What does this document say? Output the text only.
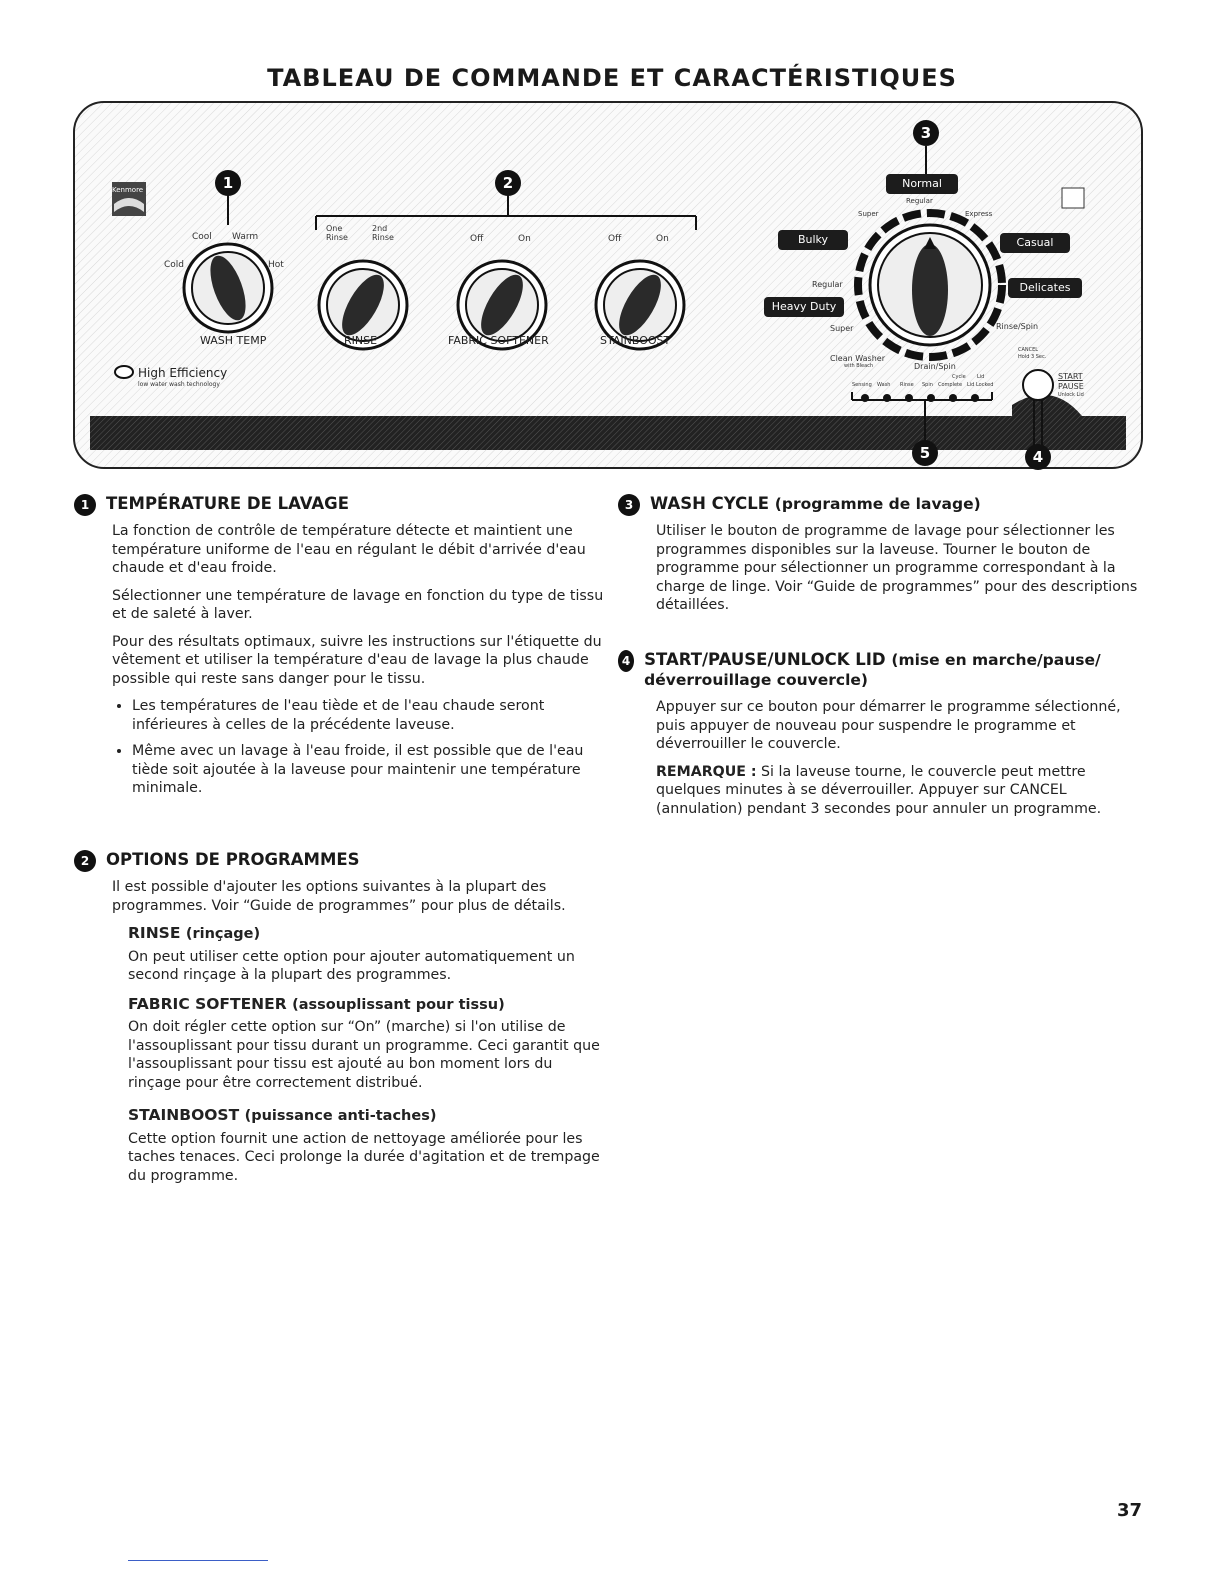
TABLEAU DE COMMANDE ET CARACTÉRISTIQUES
1	2
3
4
5
Kenmore
Cool Warm
Cold	Hot
WASH TEMP
One Rinse
2nd Rinse
RINSE
Off	On
FABRIC SOFTENER
Off	On
STAINBOOST
High Efficiency
low water wash technology
Normal
Regular
Super	Express
Bulky	Casual
Regular	Delicates
Heavy Duty
Super	Rinse/Spin
Clean Washer
with Bleach	Drain/Spin
Cycle Lid
Sensing Wash Rinse Spin Complete Lid Locked
CANCEL
Hold 3 Sec.
START
PAUSE
Unlock Lid
1	TEMPÉRATURE DE LAVAGE

La fonction de contrôle de température détecte et maintient une température uniforme de l'eau en régulant le débit d'arrivée d'eau chaude et d'eau froide.

Sélectionner une température de lavage en fonction du type de tissu et de saleté à laver.

Pour des résultats optimaux, suivre les instructions sur l'étiquette du vêtement et utiliser la température d'eau de lavage la plus chaude possible qui reste sans danger pour le tissu.

• Les températures de l'eau tiède et de l'eau chaude seront inférieures à celles de la précédente laveuse.
• Même avec un lavage à l'eau froide, il est possible que de l'eau tiède soit ajoutée à la laveuse pour maintenir une température minimale.
2	OPTIONS DE PROGRAMMES

Il est possible d'ajouter les options suivantes à la plupart des programmes. Voir “Guide de programmes” pour plus de détails.

RINSE (rinçage)

On peut utiliser cette option pour ajouter automatiquement un second rinçage à la plupart des programmes.

FABRIC SOFTENER (assouplissant pour tissu)

On doit régler cette option sur “On” (marche) si l'on utilise de l'assouplissant pour tissu durant un programme. Ceci garantit que l'assouplissant pour tissu est ajouté au bon moment lors du rinçage pour être correctement distribué.

STAINBOOST (puissance anti-taches)

Cette option fournit une action de nettoyage améliorée pour les taches tenaces. Ceci prolonge la durée d'agitation et de trempage du programme.

3	WASH CYCLE (programme de lavage)

Utiliser le bouton de programme de lavage pour sélectionner les programmes disponibles sur la laveuse. Tourner le bouton de programme pour sélectionner un programme correspondant à la charge de linge. Voir “Guide de programmes” pour des descriptions détaillées.

4 START/PAUSE/UNLOCK LID (mise en marche/pause/ déverrouillage couvercle)

Appuyer sur ce bouton pour démarrer le programme sélectionné, puis appuyer de nouveau pour suspendre le programme et déverrouiller le couvercle.

REMARQUE : Si la laveuse tourne, le couvercle peut mettre quelques minutes à se déverrouiller. Appuyer sur CANCEL (annulation) pendant 3 secondes pour annuler un programme.

37
